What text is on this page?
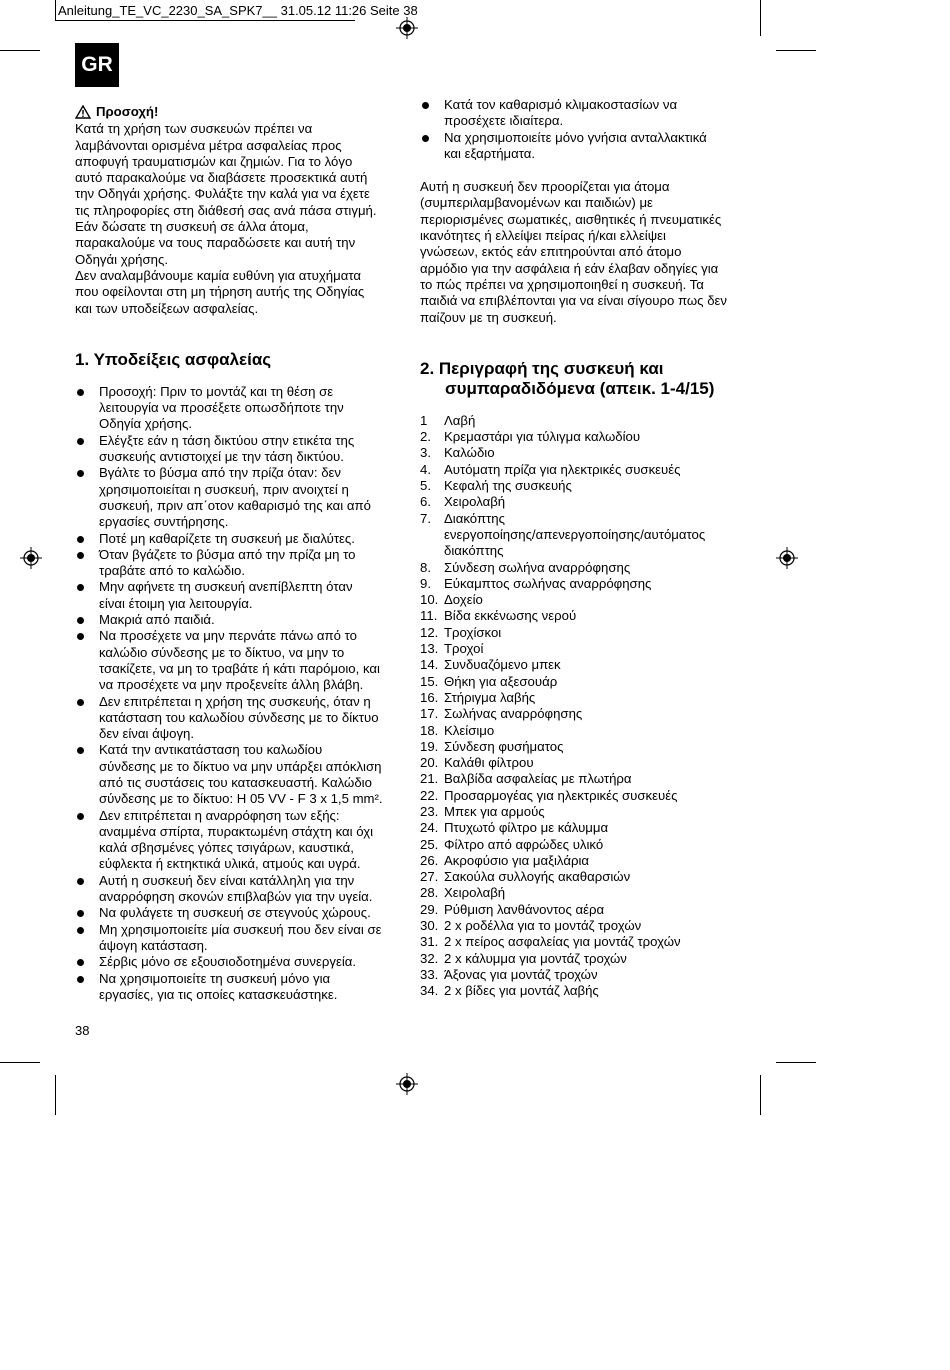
Anleitung_TE_VC_2230_SA_SPK7__ 31.05.12 11:26 Seite 38
GR

Προσοχή!

Κατά τη χρήση των συσκευών πρέπει να

λαμβάνονται ορισμένα μέτρα ασφαλείας προς

αποφυγή τραυματισμών και ζημιών. Για το λόγο

αυτό παρακαλούμε να διαβάσετε προσεκτικά αυτή

την Οδηγάι χρήσης. Φυλάξτε την καλά για να έχετε

τις πληροφορίες στη διάθεσή σας ανά πάσα στιγμή.

Εάν δώσατε τη συσκευή σε άλλα άτομα,

παρακαλούμε να τους παραδώσετε και αυτή την

Οδηγάι χρήσης.

Δεν αναλαμβάνουμε καμία ευθύνη για ατυχήματα

που οφείλονται στη μη τήρηση αυτής της Οδηγίας

και των υποδείξεων ασφαλείας.

1. Υποδείξεις ασφαλείας
Προσοχή: Πριν το μοντάζ και τη θέση σε
λειτουργία να προσέξετε οπωσδήποτε την
Οδηγία χρήσης.
Ελέγξτε εάν η τάση δικτύου στην ετικέτα της
συσκευής αντιστοιχεί με την τάση δικτύου.
Βγάλτε το βύσμα από την πρίζα όταν: δεν
χρησιμοποιείται η συσκευή, πριν ανοιχτεί η
συσκευή, πριν απ΄οτον καθαρισμό της και από
εργασίες συντήρησης.
Ποτέ μη καθαρίζετε τη συσκευή με διαλύτες.
Όταν βγάζετε το βύσμα από την πρίζα μη το
τραβάτε από το καλώδιο.
Μην αφήνετε τη συσκευή ανεπίβλεπτη όταν
είναι έτοιμη για λειτουργία.
Μακριά από παιδιά.
Να προσέχετε να μην περνάτε πάνω από το
καλώδιο σύνδεσης με το δίκτυο, να μην το
τσακίζετε, να μη το τραβάτε ή κάτι παρόμοιο, και
να προσέχετε να μην προξενείτε άλλη βλάβη.
Δεν επιτρέπεται η χρήση της συσκευής, όταν η
κατάσταση του καλωδίου σύνδεσης με το δίκτυο
δεν είναι άψογη.
Κατά την αντικατάσταση του καλωδίου
σύνδεσης με το δίκτυο να μην υπάρξει απόκλιση
από τις συστάσεις του κατασκευαστή. Καλώδιο
σύνδεσης με το δίκτυο: H 05 VV - F 3 x 1,5 mm².
Δεν επιτρέπεται η αναρρόφηση των εξής:
αναμμένα σπίρτα, πυρακτωμένη στάχτη και όχι
καλά σβησμένες γόπες τσιγάρων, καυστικά,
εύφλεκτα ή εκτηκτικά υλικά, ατμούς και υγρά.
Αυτή η συσκευή δεν είναι κατάλληλη για την
αναρρόφηση σκονών επιβλαβών για την υγεία.
Να φυλάγετε τη συσκευή σε στεγνούς χώρους.
Μη χρησιμοποιείτε μία συσκευή που δεν είναι σε
άψογη κατάσταση.
Σέρβις μόνο σε εξουσιοδοτημένα συνεργεία.
Να χρησιμοποιείτε τη συσκευή μόνο για
εργασίες, για τις οποίες κατασκευάστηκε.
Κατά τον καθαρισμό κλιμακοστασίων να
προσέχετε ιδιαίτερα.
Να χρησιμοποιείτε μόνο γνήσια ανταλλακτικά
και εξαρτήματα.
Αυτή η συσκευή δεν προορίζεται για άτομα
(συμπεριλαμβανομένων και παιδιών) με
περιορισμένες σωματικές, αισθητικές ή πνευματικές
ικανότητες ή ελλείψει πείρας ή/και ελλείψει
γνώσεων, εκτός εάν επιτηρούνται από άτομο
αρμόδιο για την ασφάλεια ή εάν έλαβαν οδηγίες για
το πώς πρέπει να χρησιμοποιηθεί η συσκευή. Τα
παιδιά να επιβλέπονται για να είναι σίγουρο πως δεν
παίζουν με τη συσκευή.
2. Περιγραφή της συσκευή και
συμπαραδιδόμενα (απεικ. 1-4/15)
1	Λαβή
2. Κρεμαστάρι για τύλιγμα καλωδίου
3. Καλώδιο
4. Αυτόματη πρίζα για ηλεκτρικές συσκευές
5. Κεφαλή της συσκευής
6. Χειρολαβή
7. Διακόπτης
ενεργοποίησης/απενεργοποίησης/αυτόματος
διακόπτης
8. Σύνδεση σωλήνα αναρρόφησης
9. Εύκαμπτος σωλήνας αναρρόφησης
10. Δοχείο
11. Βίδα εκκένωσης νερού
12. Τροχίσκοι
13. Τροχοί
14. Συνδυαζόμενο μπεκ
15. Θήκη για αξεσουάρ
16. Στήριγμα λαβής
17. Σωλήνας αναρρόφησης
18. Κλείσιμο
19. Σύνδεση φυσήματος
20. Καλάθι φίλτρου
21. Βαλβίδα ασφαλείας με πλωτήρα
22. Προσαρμογέας για ηλεκτρικές συσκευές
23. Μπεκ για αρμούς
24. Πτυχωτό φίλτρο με κάλυμμα
25. Φίλτρο από αφρώδες υλικό
26. Ακροφύσιο για μαξιλάρια
27. Σακούλα συλλογής ακαθαρσιών
28. Χειρολαβή
29. Ρύθμιση λανθάνοντος αέρα
30. 2 x ροδέλλα για το μοντάζ τροχών
31. 2 x πείρος ασφαλείας για μοντάζ τροχών
32. 2 x κάλυμμα για μοντάζ τροχών
33. Άξονας για μοντάζ τροχών
34. 2 x βίδες για μοντάζ λαβής
38
